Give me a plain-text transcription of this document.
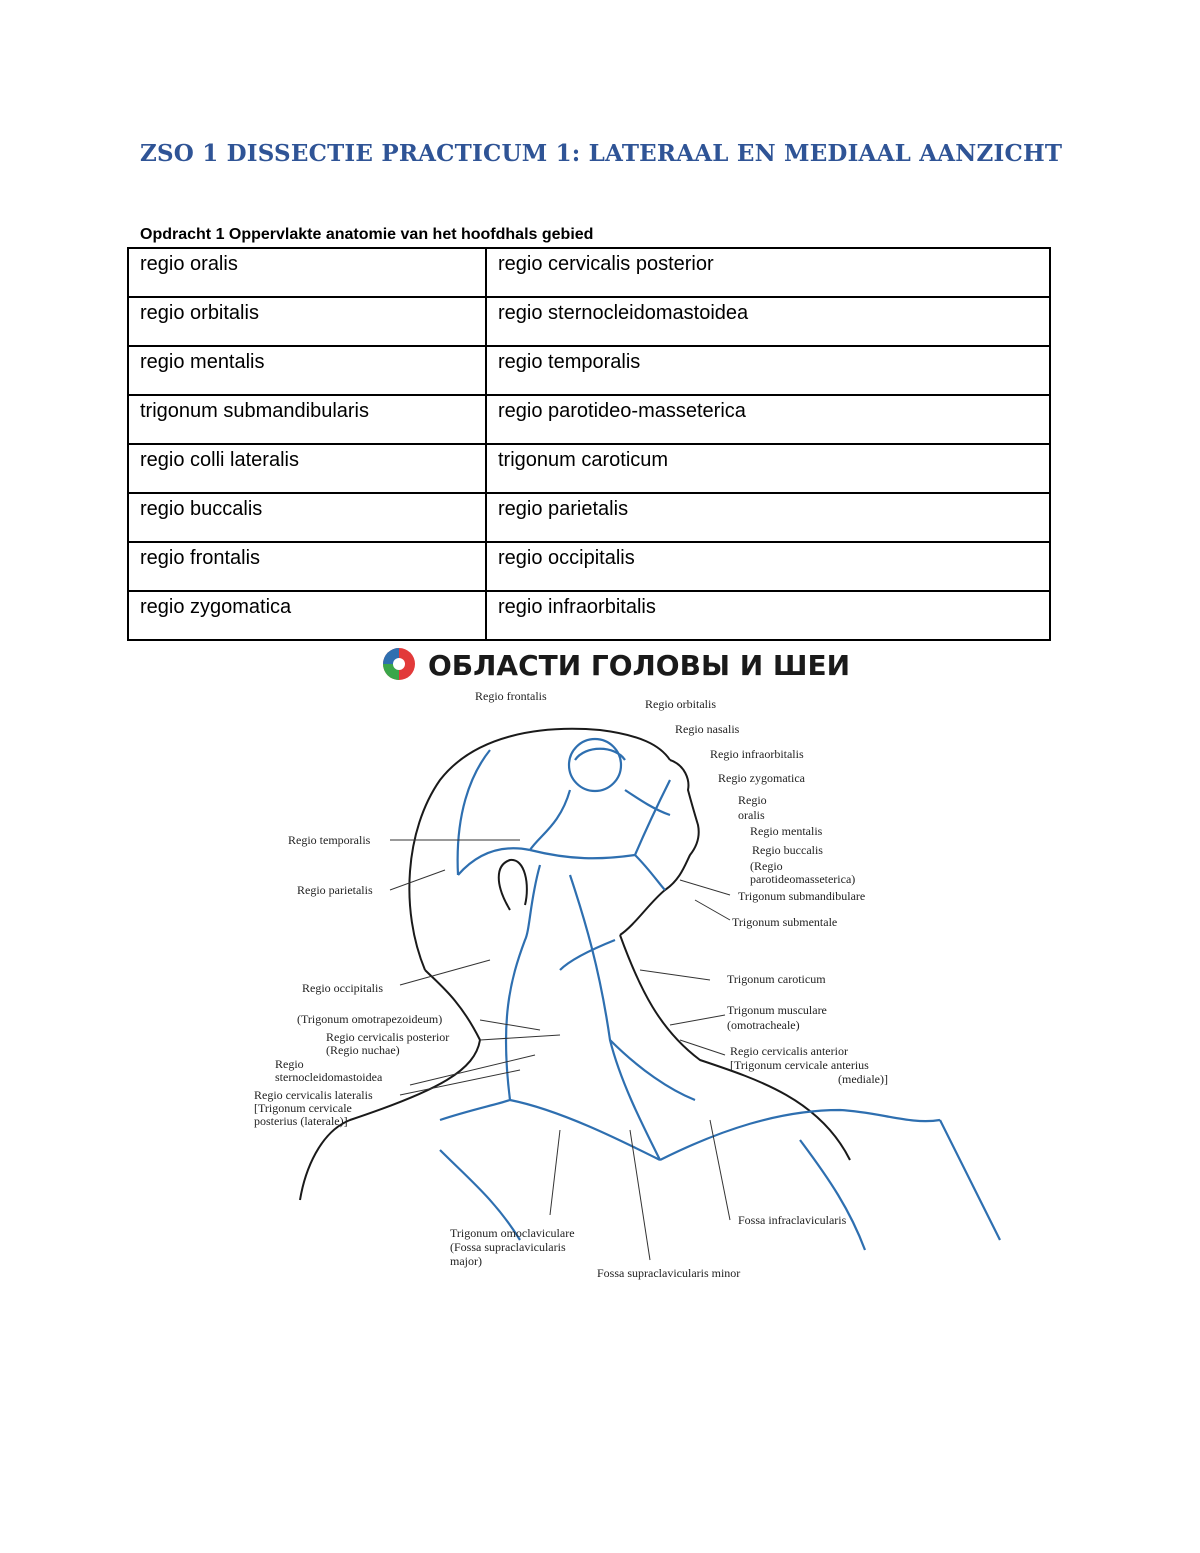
ZSO 1 DISSECTIE PRACTICUM 1: LATERAAL EN MEDIAAL AANZICHT
Opdracht 1 Oppervlakte anatomie van het hoofdhals gebied
regio oralis	regio cervicalis posterior
regio orbitalis	regio sternocleidomastoidea
regio mentalis	regio temporalis
trigonum submandibularis	regio parotideo-masseterica
regio colli lateralis	trigonum caroticum
regio buccalis	regio parietalis
regio frontalis	regio occipitalis
regio zygomatica	regio infraorbitalis
ОБЛАСТИ ГОЛОВЫ И ШЕИ
Regio frontalis
Regio orbitalis
Regio nasalis
Regio infraorbitalis
Regio zygomatica
Regio
oralis
Regio mentalis
Regio buccalis
(Regio
parotideomasseterica)
Trigonum submandibulare
Trigonum submentale
Trigonum caroticum
Trigonum musculare
(omotracheale)
Regio cervicalis anterior
[Trigonum cervicale anterius
(mediale)]
Fossa infraclavicularis
Fossa supraclavicularis minor
Trigonum omoclaviculare
(Fossa supraclavicularis
major)
Regio temporalis
Regio parietalis
Regio occipitalis
(Trigonum omotrapezoideum)
Regio cervicalis posterior
(Regio nuchae)
Regio
sternocleidomastoidea
Regio cervicalis lateralis
[Trigonum cervicale
posterius (laterale)]
